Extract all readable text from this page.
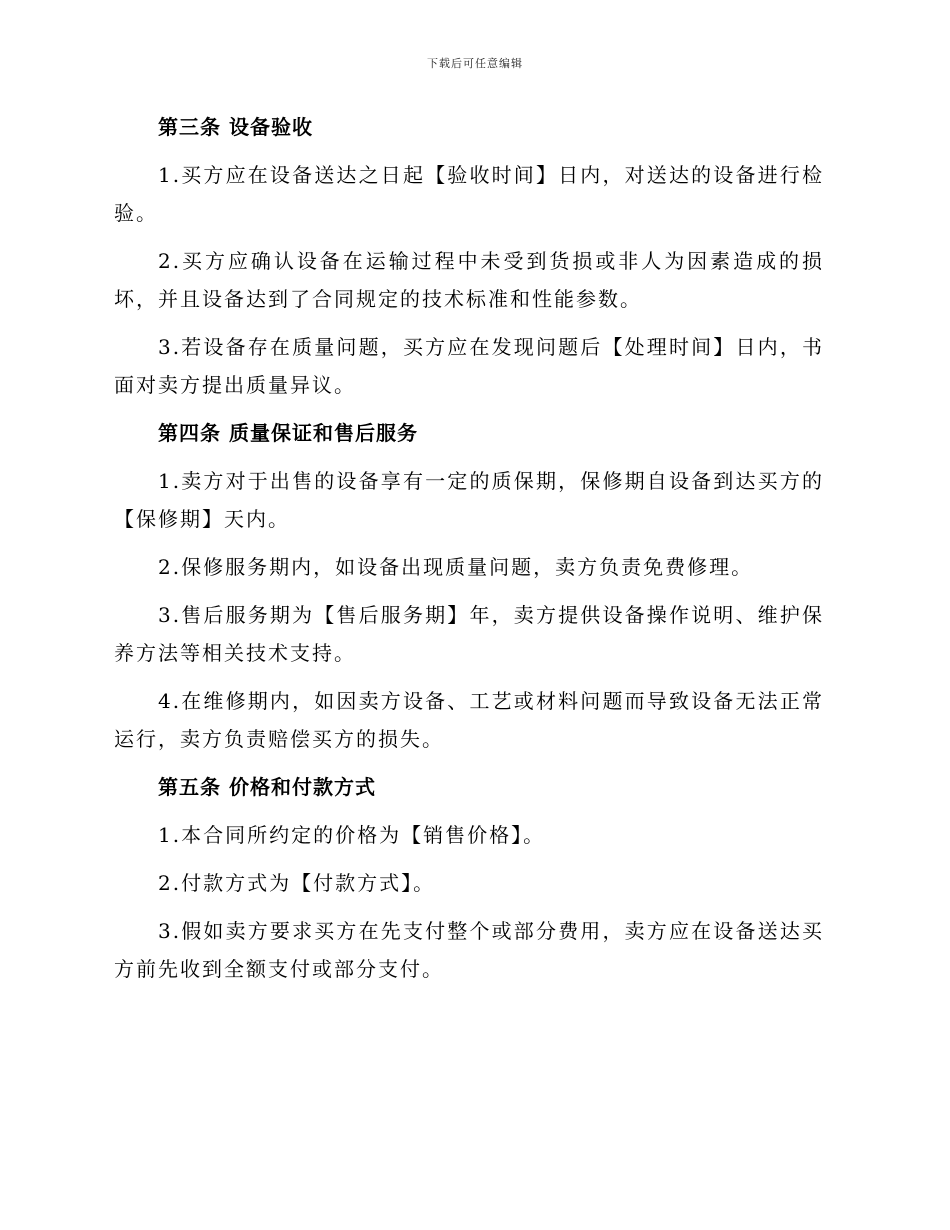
下载后可任意编辑
第三条 设备验收

1.买方应在设备送达之日起【验收时间】日内，对送达的设备进行检验。

2.买方应确认设备在运输过程中未受到货损或非人为因素造成的损坏，并且设备达到了合同规定的技术标准和性能参数。

3.若设备存在质量问题，买方应在发现问题后【处理时间】日内，书面对卖方提出质量异议。

第四条 质量保证和售后服务

1.卖方对于出售的设备享有一定的质保期，保修期自设备到达买方的【保修期】天内。

2.保修服务期内，如设备出现质量问题，卖方负责免费修理。

3.售后服务期为【售后服务期】年，卖方提供设备操作说明、维护保养方法等相关技术支持。

4.在维修期内，如因卖方设备、工艺或材料问题而导致设备无法正常运行，卖方负责赔偿买方的损失。

第五条 价格和付款方式

1.本合同所约定的价格为【销售价格】。

2.付款方式为【付款方式】。

3.假如卖方要求买方在先支付整个或部分费用，卖方应在设备送达买方前先收到全额支付或部分支付。
